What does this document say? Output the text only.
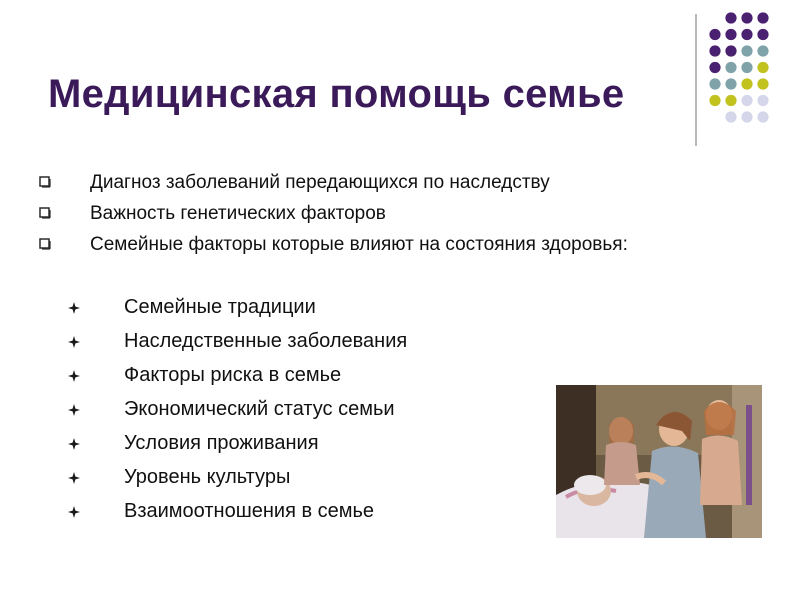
Медицинская помощь семье
Диагноз заболеваний передающихся по наследству
Важность генетических факторов
Семейные факторы которые влияют на состояния здоровья:
Семейные традиции
Наследственные заболевания
Факторы риска в семье
Экономический статус семьи
Условия проживания
Уровень культуры
Взаимоотношения в семье
